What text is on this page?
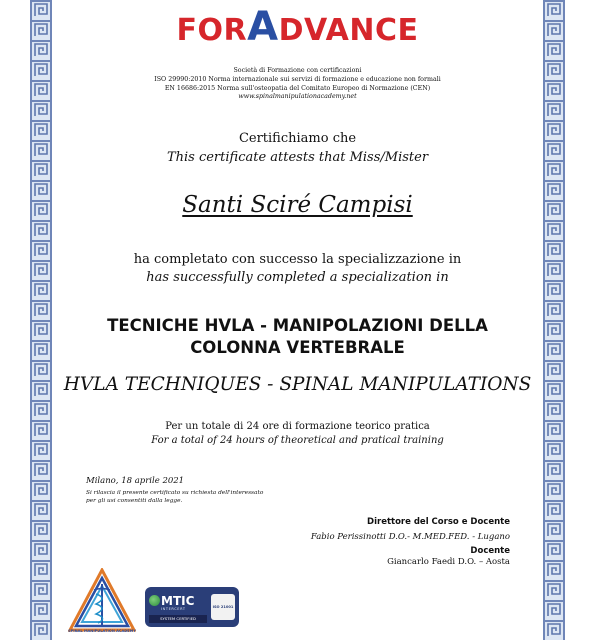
FORADVANCE
Società di Formazione con certificazioni
ISO 29990:2010 Norma internazionale sui servizi di formazione e educazione non formali
EN 16686:2015 Norma sull'osteopatia del Comitato Europeo di Normazione (CEN)
www.spinalmanipulationacademy.net
Certifichiamo che
This certificate attests that Miss/Mister
Santi Sciré Campisi
ha completato con successo la specializzazione in
has successfully completed a specialization in
TECNICHE HVLA - MANIPOLAZIONI DELLA
COLONNA VERTEBRALE
HVLA TECHNIQUES - SPINAL MANIPULATIONS
Per un totale di 24 ore di formazione teorico pratica
For a total of 24 hours of theoretical and pratical training
Milano, 18 aprile 2021
Si rilascia il presente certificato su richiesta dell'interessato
per gli usi consentiti dalla legge.
Direttore del Corso e Docente
Fabio Perissinotti D.O.- M.MED.FED. - Lugano
Docente
Giancarlo Faedi D.O. – Aosta
SPINAL MANIPULATION ACADEMY
MTIC
INTERCERT
SYSTEM CERTIFIED
ISO 21001
